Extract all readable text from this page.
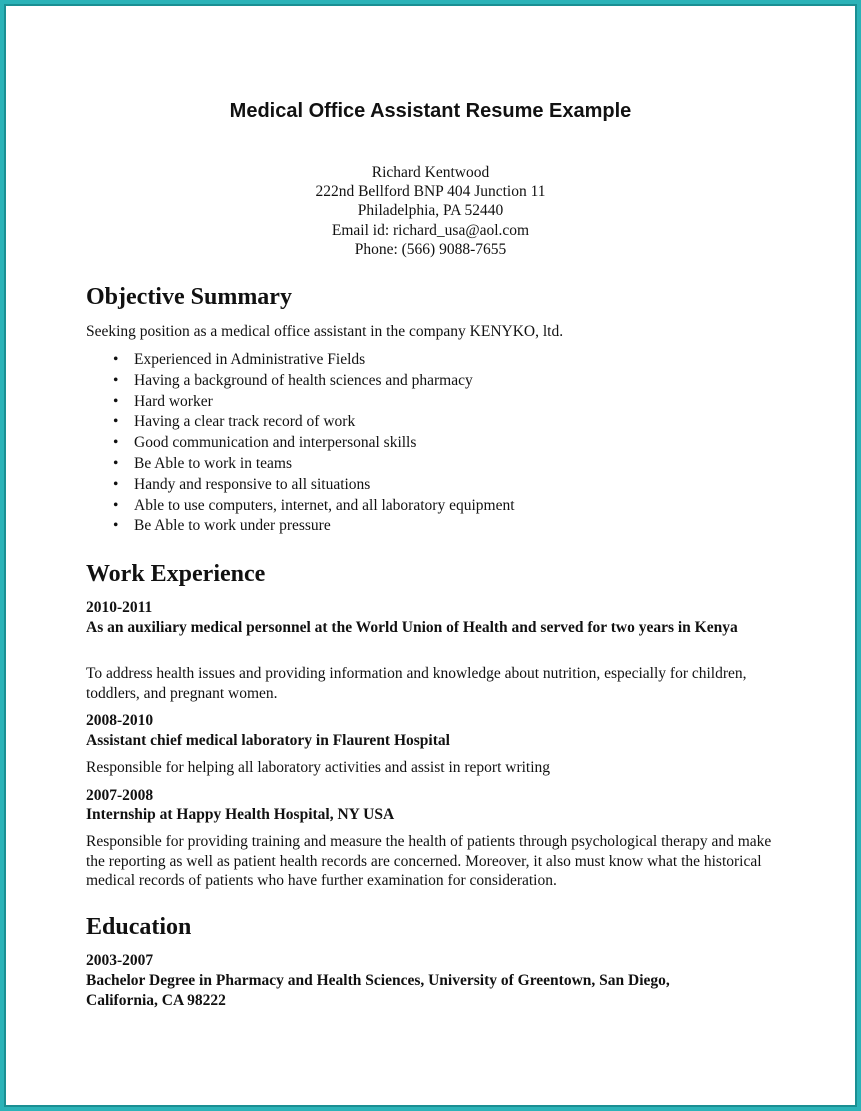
Medical Office Assistant Resume Example
Richard Kentwood
222nd Bellford BNP 404 Junction 11
Philadelphia, PA 52440
Email id: richard_usa@aol.com
Phone: (566) 9088-7655
Objective Summary

Seeking position as a medical office assistant in the company KENYKO, ltd.

• Experienced in Administrative Fields
• Having a background of health sciences and pharmacy
• Hard worker
• Having a clear track record of work
• Good communication and interpersonal skills
• Be Able to work in teams
• Handy and responsive to all situations
• Able to use computers, internet, and all laboratory equipment
• Be Able to work under pressure
Work Experience

2010-2011

As an auxiliary medical personnel at the World Union of Health and served for two years in Kenya

To address health issues and providing information and knowledge about nutrition, especially for children, toddlers, and pregnant women.

2008-2010

Assistant chief medical laboratory in Flaurent Hospital

Responsible for helping all laboratory activities and assist in report writing

2007-2008

Internship at Happy Health Hospital, NY USA

Responsible for providing training and measure the health of patients through psychological therapy and make the reporting as well as patient health records are concerned. Moreover, it also must know what the historical medical records of patients who have further examination for consideration.

Education

2003-2007

Bachelor Degree in Pharmacy and Health Sciences, University of Greentown, San Diego, California, CA 98222
